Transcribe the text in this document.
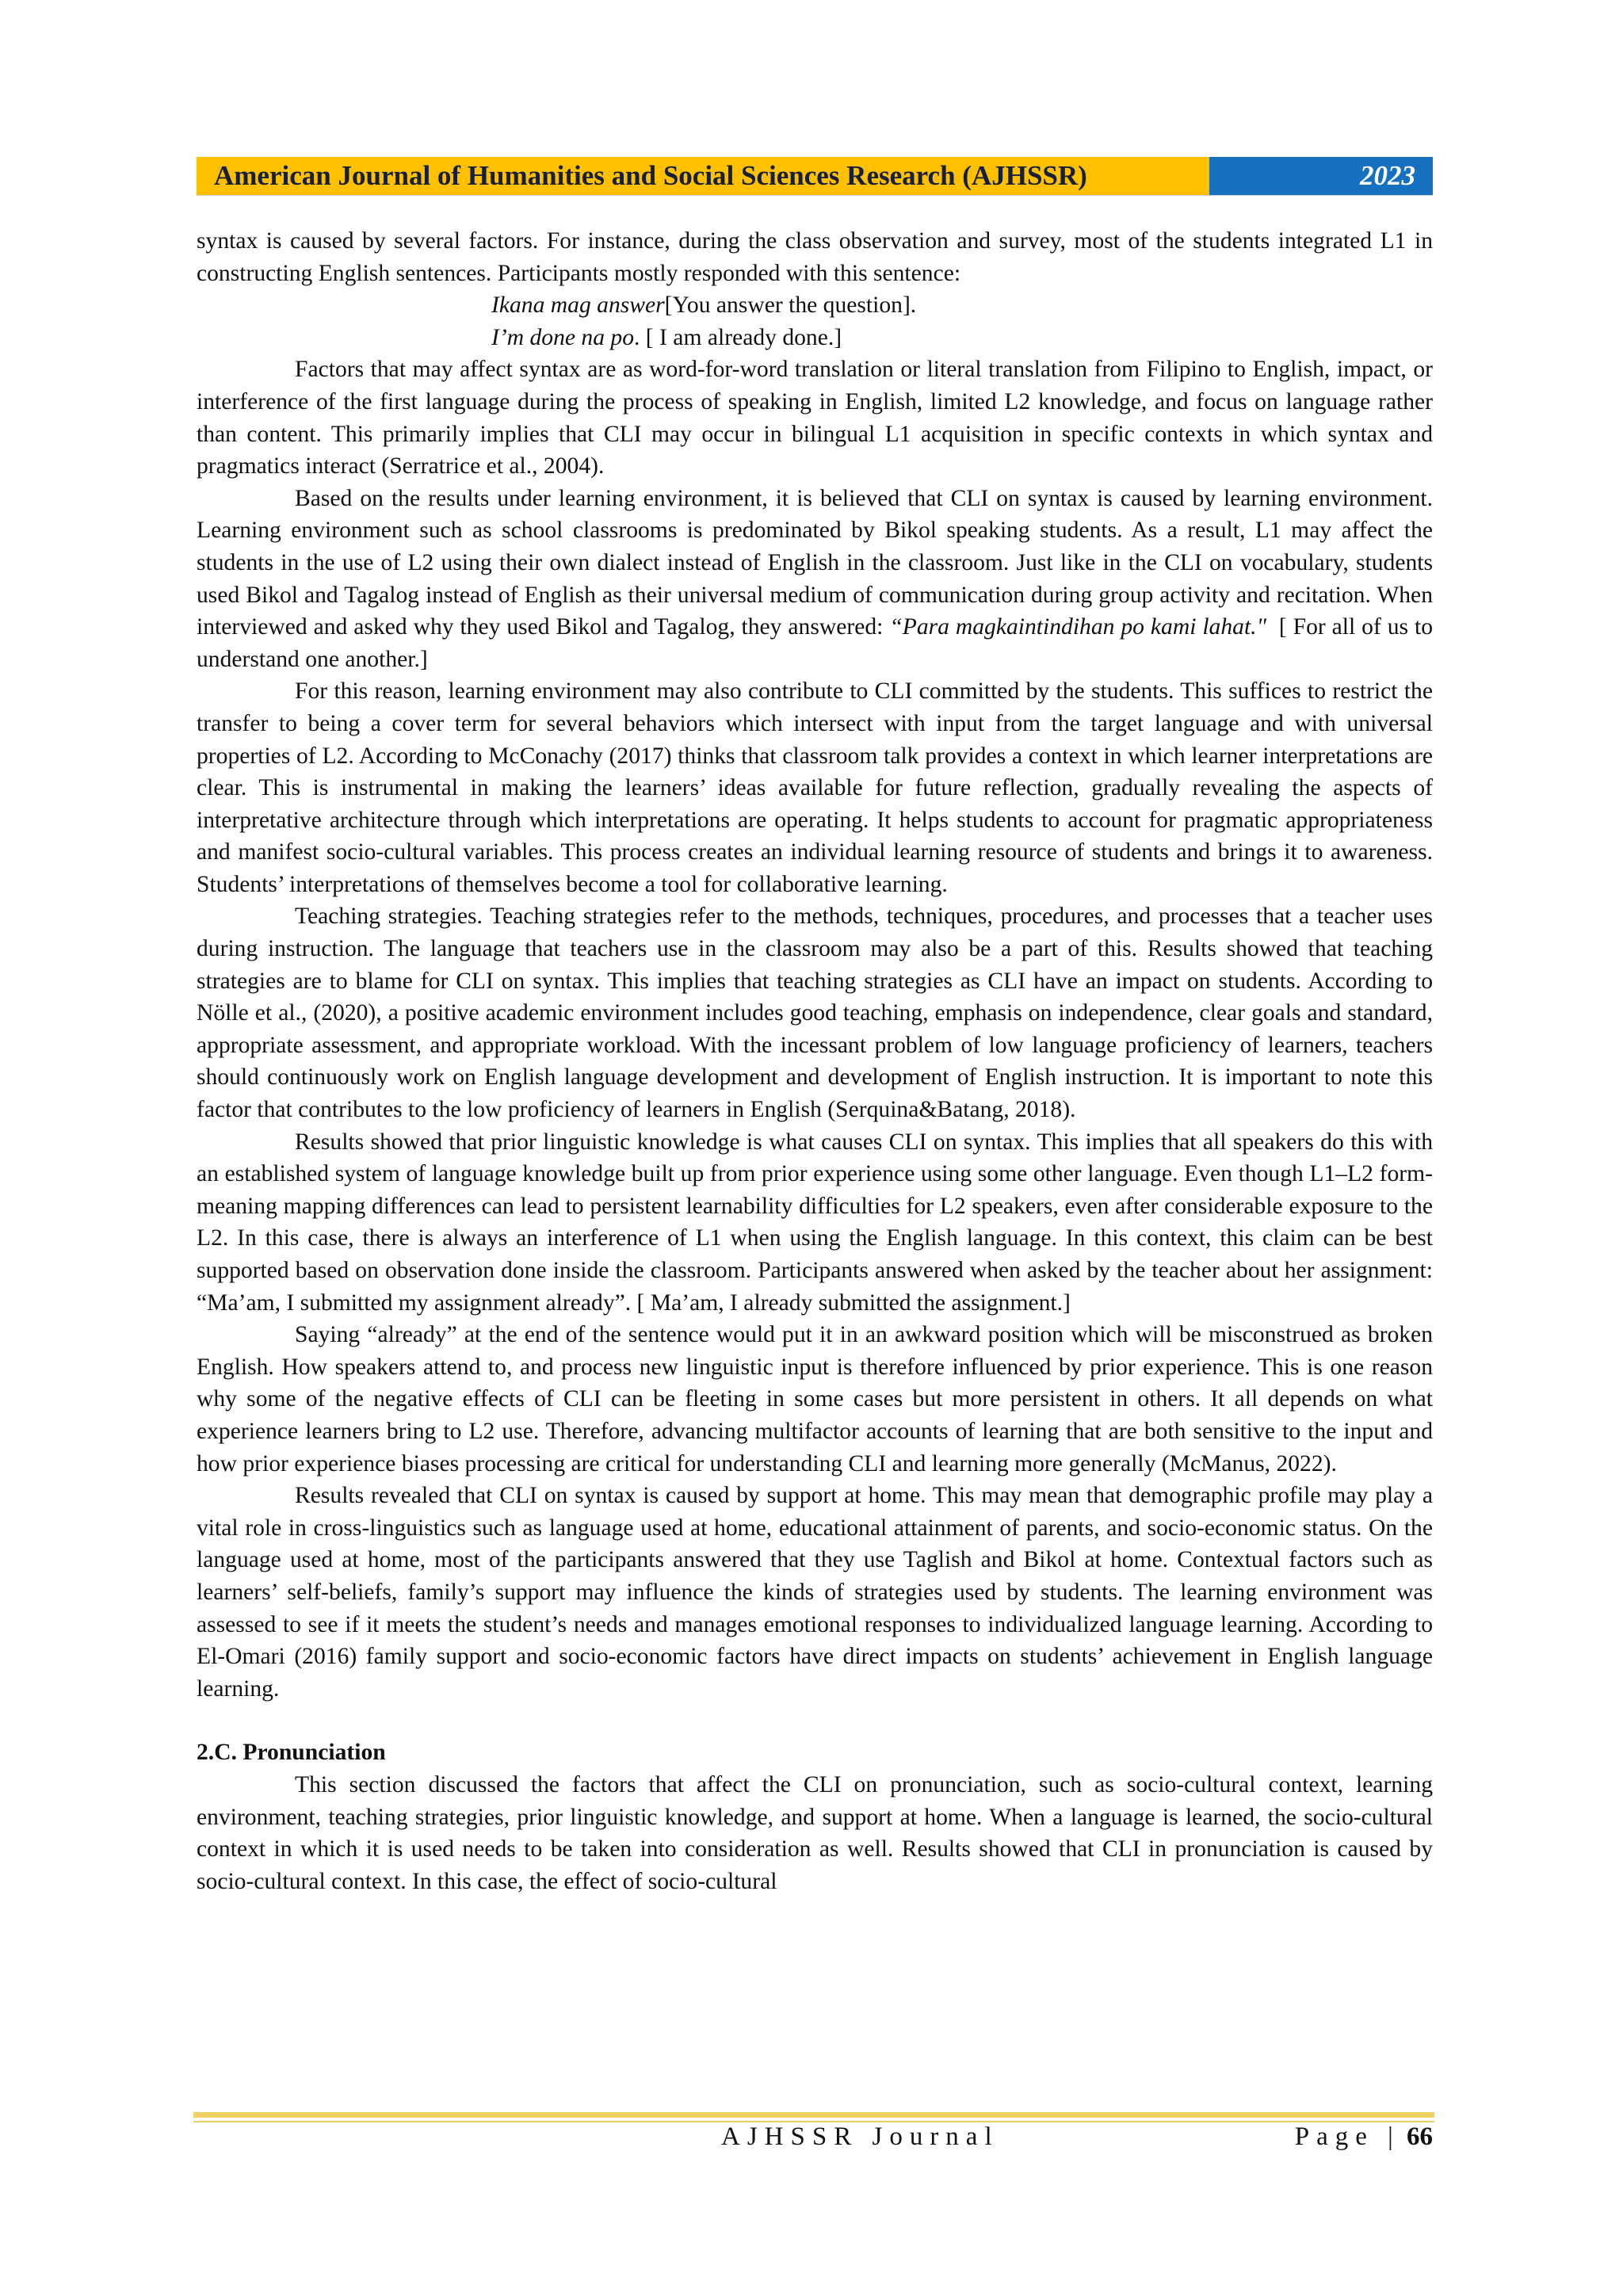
American Journal of Humanities and Social Sciences Research (AJHSSR)	2023

syntax is caused by several factors. For instance, during the class observation and survey, most of the students integrated L1 in constructing English sentences. Participants mostly responded with this sentence:

Ikana mag answer[You answer the question].

I’m done na po. [ I am already done.]

Factors that may affect syntax are as word-for-word translation or literal translation from Filipino to English, impact, or interference of the first language during the process of speaking in English, limited L2 knowledge, and focus on language rather than content. This primarily implies that CLI may occur in bilingual L1 acquisition in specific contexts in which syntax and pragmatics interact (Serratrice et al., 2004).

Based on the results under learning environment, it is believed that CLI on syntax is caused by learning environment. Learning environment such as school classrooms is predominated by Bikol speaking students. As a result, L1 may affect the students in the use of L2 using their own dialect instead of English in the classroom. Just like in the CLI on vocabulary, students used Bikol and Tagalog instead of English as their universal medium of communication during group activity and recitation. When interviewed and asked why they used Bikol and Tagalog, they answered: “Para magkaintindihan po kami lahat." [ For all of us to understand one another.]

For this reason, learning environment may also contribute to CLI committed by the students. This suffices to restrict the transfer to being a cover term for several behaviors which intersect with input from the target language and with universal properties of L2. According to McConachy (2017) thinks that classroom talk provides a context in which learner interpretations are clear. This is instrumental in making the learners’ ideas available for future reflection, gradually revealing the aspects of interpretative architecture through which interpretations are operating. It helps students to account for pragmatic appropriateness and manifest socio-cultural variables. This process creates an individual learning resource of students and brings it to awareness. Students’ interpretations of themselves become a tool for collaborative learning.

Teaching strategies. Teaching strategies refer to the methods, techniques, procedures, and processes that a teacher uses during instruction. The language that teachers use in the classroom may also be a part of this. Results showed that teaching strategies are to blame for CLI on syntax. This implies that teaching strategies as CLI have an impact on students. According to Nölle et al., (2020), a positive academic environment includes good teaching, emphasis on independence, clear goals and standard, appropriate assessment, and appropriate workload. With the incessant problem of low language proficiency of learners, teachers should continuously work on English language development and development of English instruction. It is important to note this factor that contributes to the low proficiency of learners in English (Serquina&Batang, 2018).

Results showed that prior linguistic knowledge is what causes CLI on syntax. This implies that all speakers do this with an established system of language knowledge built up from prior experience using some other language. Even though L1–L2 form-meaning mapping differences can lead to persistent learnability difficulties for L2 speakers, even after considerable exposure to the L2. In this case, there is always an interference of L1 when using the English language. In this context, this claim can be best supported based on observation done inside the classroom. Participants answered when asked by the teacher about her assignment: “Ma’am, I submitted my assignment already”. [ Ma’am, I already submitted the assignment.]

Saying “already” at the end of the sentence would put it in an awkward position which will be misconstrued as broken English. How speakers attend to, and process new linguistic input is therefore influenced by prior experience. This is one reason why some of the negative effects of CLI can be fleeting in some cases but more persistent in others. It all depends on what experience learners bring to L2 use. Therefore, advancing multifactor accounts of learning that are both sensitive to the input and how prior experience biases processing are critical for understanding CLI and learning more generally (McManus, 2022).

Results revealed that CLI on syntax is caused by support at home. This may mean that demographic profile may play a vital role in cross-linguistics such as language used at home, educational attainment of parents, and socio-economic status. On the language used at home, most of the participants answered that they use Taglish and Bikol at home. Contextual factors such as learners’ self-beliefs, family’s support may influence the kinds of strategies used by students. The learning environment was assessed to see if it meets the student’s needs and manages emotional responses to individualized language learning. According to El-Omari (2016) family support and socio-economic factors have direct impacts on students’ achievement in English language learning.

2.C. Pronunciation

This section discussed the factors that affect the CLI on pronunciation, such as socio-cultural context, learning environment, teaching strategies, prior linguistic knowledge, and support at home. When a language is learned, the socio-cultural context in which it is used needs to be taken into consideration as well. Results showed that CLI in pronunciation is caused by socio-cultural context. In this case, the effect of socio-cultural

AJHSSR Journal	Page | 66
